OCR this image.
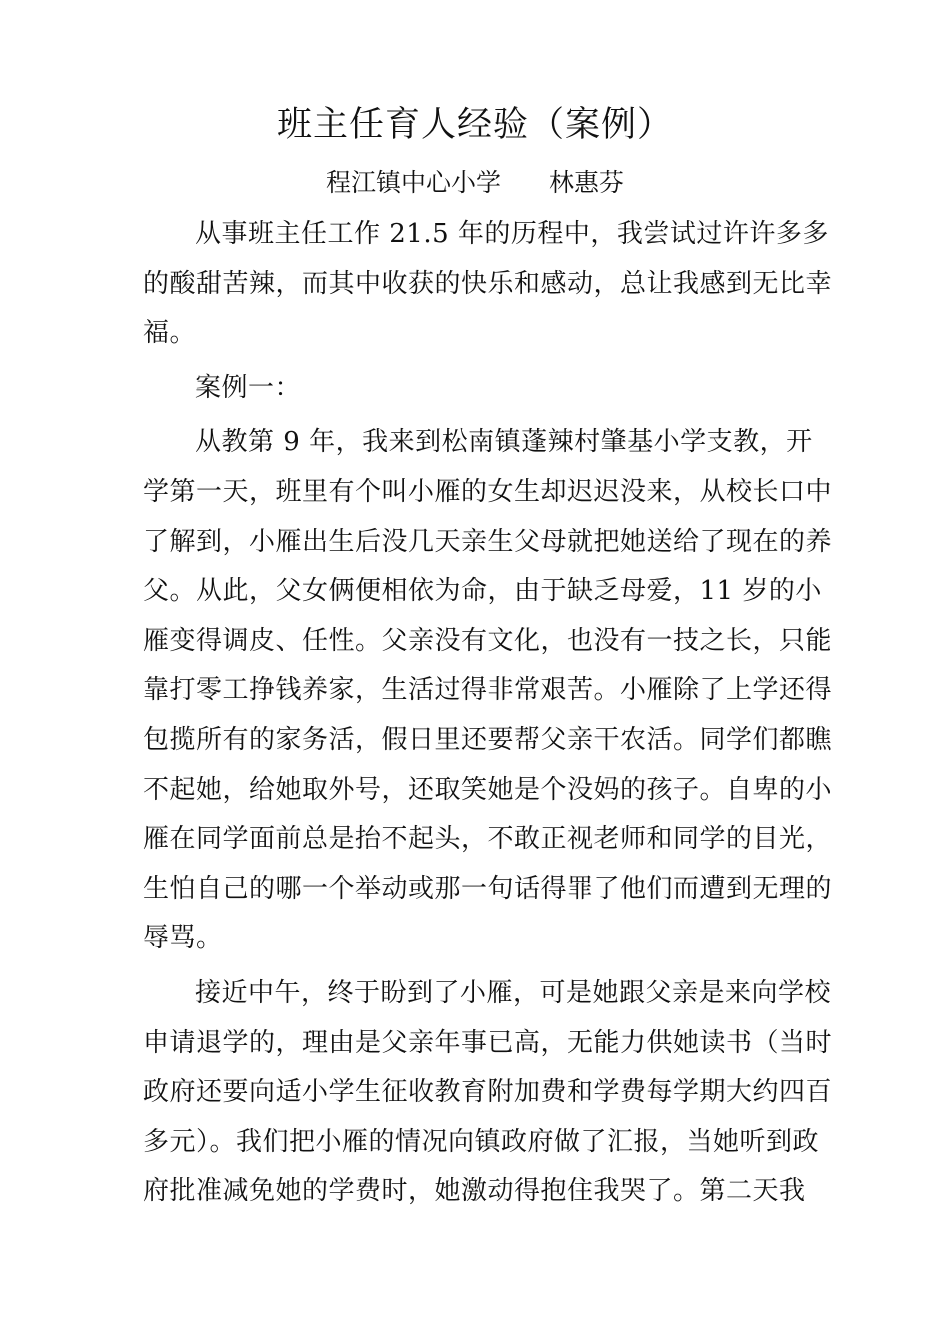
班主任育人经验（案例）
程江镇中心小学 林惠芬

从事班主任工作 21.5 年的历程中，我尝试过许许多多的酸甜苦辣，而其中收获的快乐和感动，总让我感到无比幸福。

案例一：

从教第 9 年，我来到松南镇蓬辣村肇基小学支教，开学第一天，班里有个叫小雁的女生却迟迟没来，从校长口中了解到，小雁出生后没几天亲生父母就把她送给了现在的养父。从此，父女俩便相依为命，由于缺乏母爱，11 岁的小雁变得调皮、任性。父亲没有文化，也没有一技之长，只能靠打零工挣钱养家，生活过得非常艰苦。小雁除了上学还得包揽所有的家务活，假日里还要帮父亲干农活。同学们都瞧不起她，给她取外号，还取笑她是个没妈的孩子。自卑的小雁在同学面前总是抬不起头，不敢正视老师和同学的目光，生怕自己的哪一个举动或那一句话得罪了他们而遭到无理的辱骂。

接近中午，终于盼到了小雁，可是她跟父亲是来向学校申请退学的，理由是父亲年事已高，无能力供她读书（当时政府还要向适小学生征收教育附加费和学费每学期大约四百多元）。我们把小雁的情况向镇政府做了汇报，当她听到政府批准减免她的学费时，她激动得抱住我哭了。第二天我
